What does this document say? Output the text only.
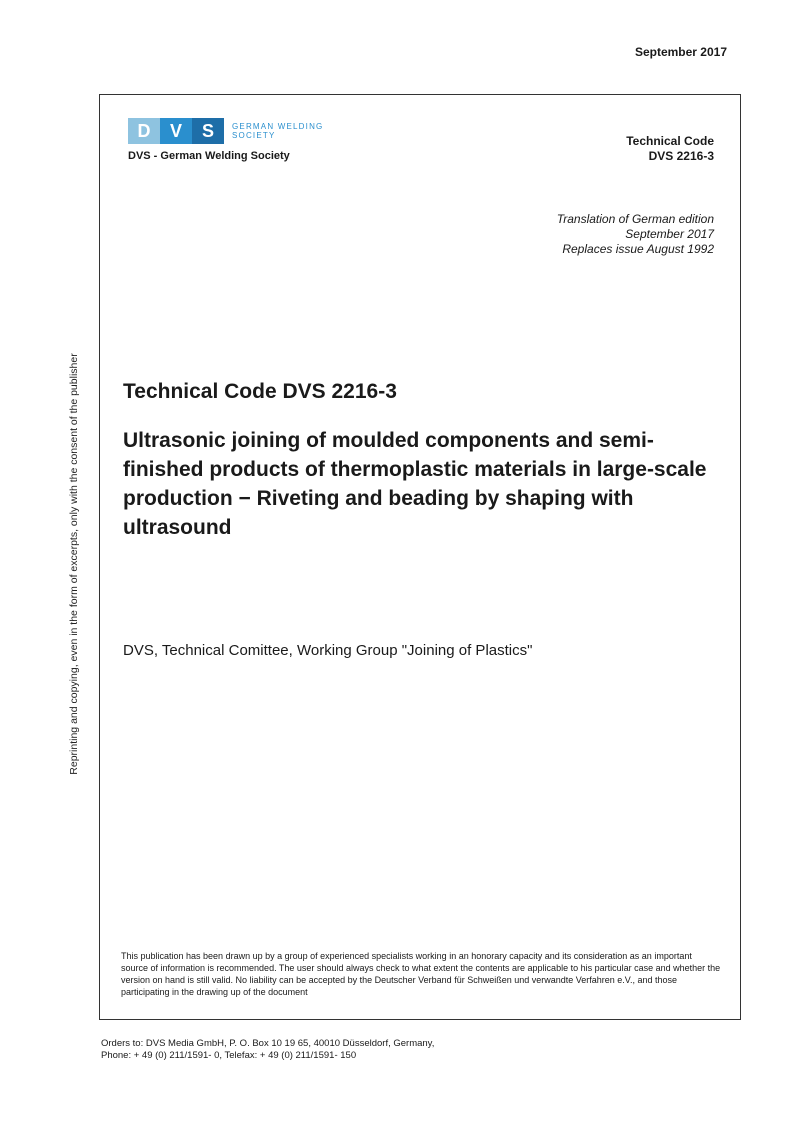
September 2017
Reprinting and copying, even in the form of excerpts, only with the consent of the publisher
D	V	S	GERMAN WELDING
SOCIETY
DVS - German Welding Society
Technical Code
DVS 2216-3
Translation of German edition
September 2017
Replaces issue August 1992
Technical Code DVS 2216-3
Ultrasonic joining of moulded components and semi-finished products of thermoplastic materials in large-scale production − Riveting and beading by shaping with ultrasound
DVS, Technical Comittee, Working Group "Joining of Plastics"
This publication has been drawn up by a group of experienced specialists working in an honorary capacity and its consideration as an important source of information is recommended. The user should always check to what extent the contents are applicable to his particular case and whether the version on hand is still valid. No liability can be accepted by the Deutscher Verband für Schweißen und verwandte Verfahren e.V., and those participating in the drawing up of the document
Orders to: DVS Media GmbH, P. O. Box 10 19 65, 40010 Düsseldorf, Germany,
Phone: + 49 (0) 211/1591- 0, Telefax: + 49 (0) 211/1591- 150
